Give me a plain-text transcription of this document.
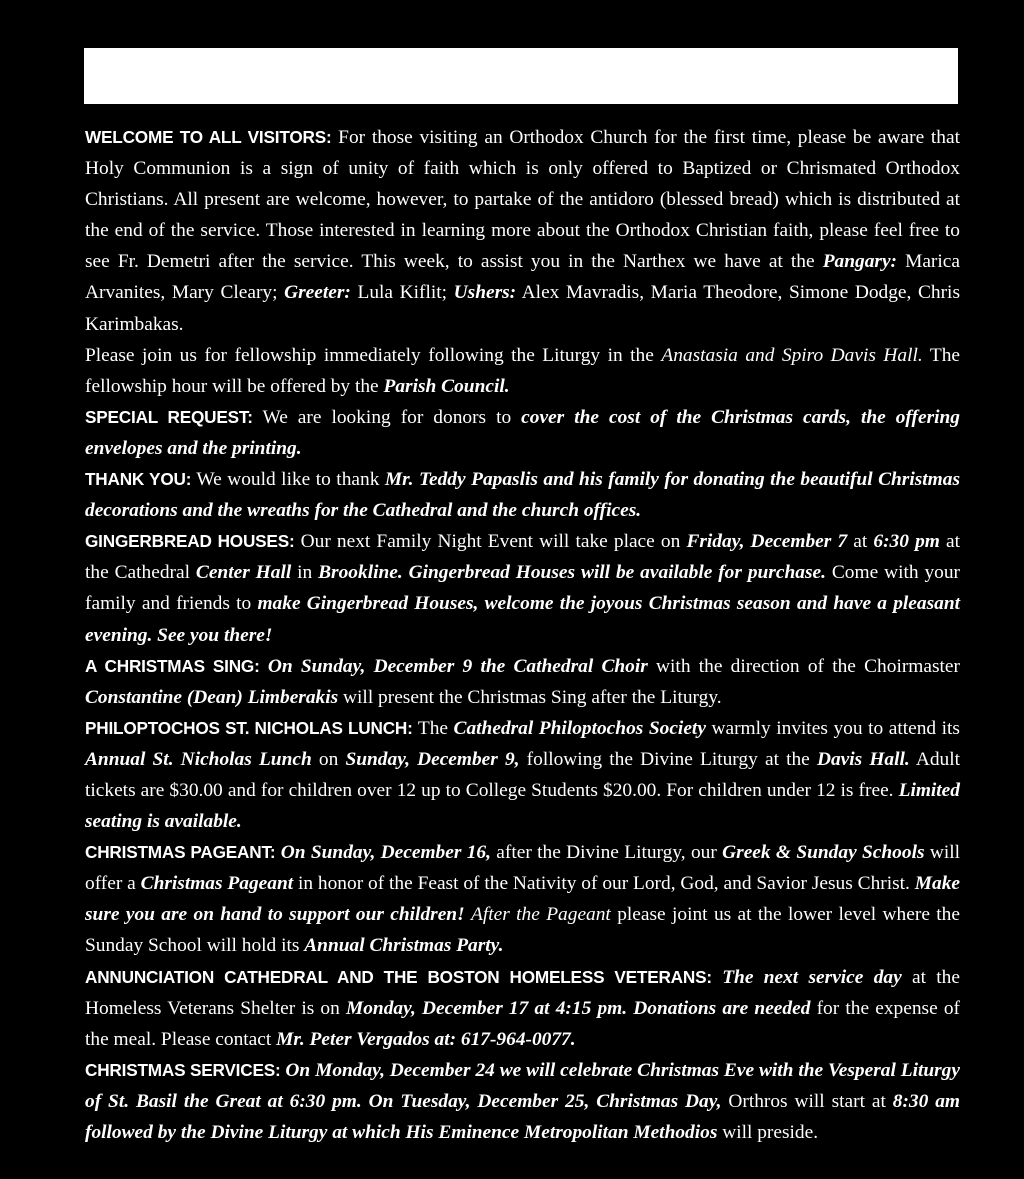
WELCOME TO ALL VISITORS: For those visiting an Orthodox Church for the first time, please be aware that Holy Communion is a sign of unity of faith which is only offered to Baptized or Chrismated Orthodox Christians. All present are welcome, however, to partake of the antidoro (blessed bread) which is distributed at the end of the service. Those interested in learning more about the Orthodox Christian faith, please feel free to see Fr. Demetri after the service. This week, to assist you in the Narthex we have at the Pangary: Marica Arvanites, Mary Cleary; Greeter: Lula Kiflit; Ushers: Alex Mavradis, Maria Theodore, Simone Dodge, Chris Karimbakas.

Please join us for fellowship immediately following the Liturgy in the Anastasia and Spiro Davis Hall. The fellowship hour will be offered by the Parish Council.

SPECIAL REQUEST: We are looking for donors to cover the cost of the Christmas cards, the offering envelopes and the printing.

THANK YOU: We would like to thank Mr. Teddy Papaslis and his family for donating the beautiful Christmas decorations and the wreaths for the Cathedral and the church offices.

GINGERBREAD HOUSES: Our next Family Night Event will take place on Friday, December 7 at 6:30 pm at the Cathedral Center Hall in Brookline. Gingerbread Houses will be available for purchase. Come with your family and friends to make Gingerbread Houses, welcome the joyous Christmas season and have a pleasant evening. See you there!

A CHRISTMAS SING: On Sunday, December 9 the Cathedral Choir with the direction of the Choirmaster Constantine (Dean) Limberakis will present the Christmas Sing after the Liturgy.

PHILOPTOCHOS ST. NICHOLAS LUNCH: The Cathedral Philoptochos Society warmly invites you to attend its Annual St. Nicholas Lunch on Sunday, December 9, following the Divine Liturgy at the Davis Hall. Adult tickets are $30.00 and for children over 12 up to College Students $20.00. For children under 12 is free. Limited seating is available.

CHRISTMAS PAGEANT: On Sunday, December 16, after the Divine Liturgy, our Greek & Sunday Schools will offer a Christmas Pageant in honor of the Feast of the Nativity of our Lord, God, and Savior Jesus Christ. Make sure you are on hand to support our children! After the Pageant please joint us at the lower level where the Sunday School will hold its Annual Christmas Party.

ANNUNCIATION CATHEDRAL AND THE BOSTON HOMELESS VETERANS: The next service day at the Homeless Veterans Shelter is on Monday, December 17 at 4:15 pm. Donations are needed for the expense of the meal. Please contact Mr. Peter Vergados at: 617-964-0077.

CHRISTMAS SERVICES: On Monday, December 24 we will celebrate Christmas Eve with the Vesperal Liturgy of St. Basil the Great at 6:30 pm. On Tuesday, December 25, Christmas Day, Orthros will start at 8:30 am followed by the Divine Liturgy at which His Eminence Metropolitan Methodios will preside.
